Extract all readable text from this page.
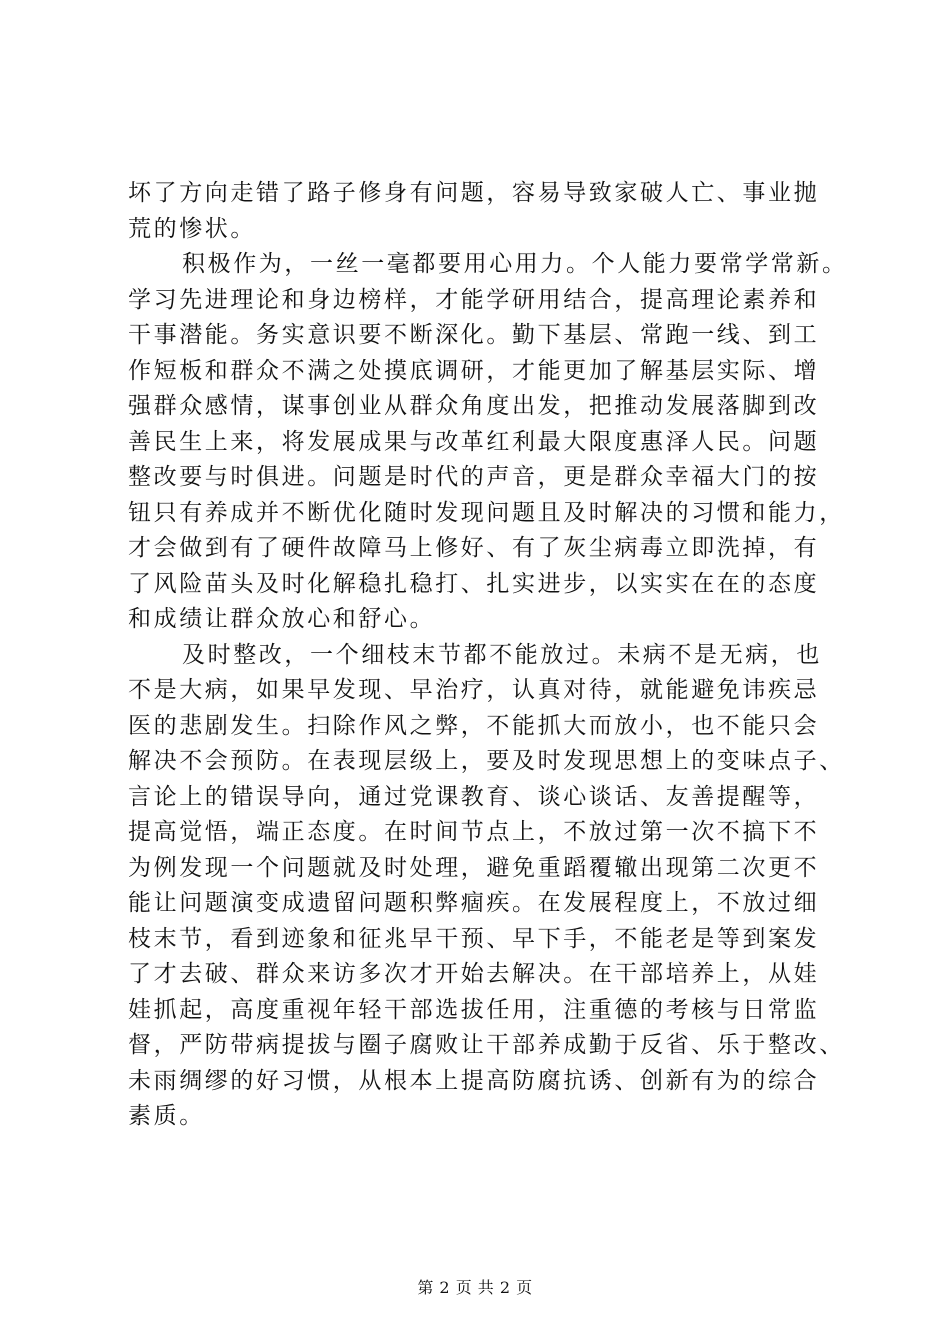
坏了方向走错了路子修身有问题，容易导致家破人亡、事业抛
荒的惨状。
积极作为，一丝一毫都要用心用力。个人能力要常学常新。
学习先进理论和身边榜样，才能学研用结合，提高理论素养和
干事潜能。务实意识要不断深化。勤下基层、常跑一线、到工
作短板和群众不满之处摸底调研，才能更加了解基层实际、增
强群众感情，谋事创业从群众角度出发，把推动发展落脚到改
善民生上来，将发展成果与改革红利最大限度惠泽人民。问题
整改要与时俱进。问题是时代的声音，更是群众幸福大门的按
钮只有养成并不断优化随时发现问题且及时解决的习惯和能力，
才会做到有了硬件故障马上修好、有了灰尘病毒立即洗掉，有
了风险苗头及时化解稳扎稳打、扎实进步，以实实在在的态度
和成绩让群众放心和舒心。
及时整改，一个细枝末节都不能放过。未病不是无病，也
不是大病，如果早发现、早治疗，认真对待，就能避免讳疾忌
医的悲剧发生。扫除作风之弊，不能抓大而放小，也不能只会
解决不会预防。在表现层级上，要及时发现思想上的变味点子、
言论上的错误导向，通过党课教育、谈心谈话、友善提醒等，
提高觉悟，端正态度。在时间节点上，不放过第一次不搞下不
为例发现一个问题就及时处理，避免重蹈覆辙出现第二次更不
能让问题演变成遗留问题积弊痼疾。在发展程度上，不放过细
枝末节，看到迹象和征兆早干预、早下手，不能老是等到案发
了才去破、群众来访多次才开始去解决。在干部培养上，从娃
娃抓起，高度重视年轻干部选拔任用，注重德的考核与日常监
督，严防带病提拔与圈子腐败让干部养成勤于反省、乐于整改、
未雨绸缪的好习惯，从根本上提高防腐抗诱、创新有为的综合
素质。
第 2 页 共 2 页
